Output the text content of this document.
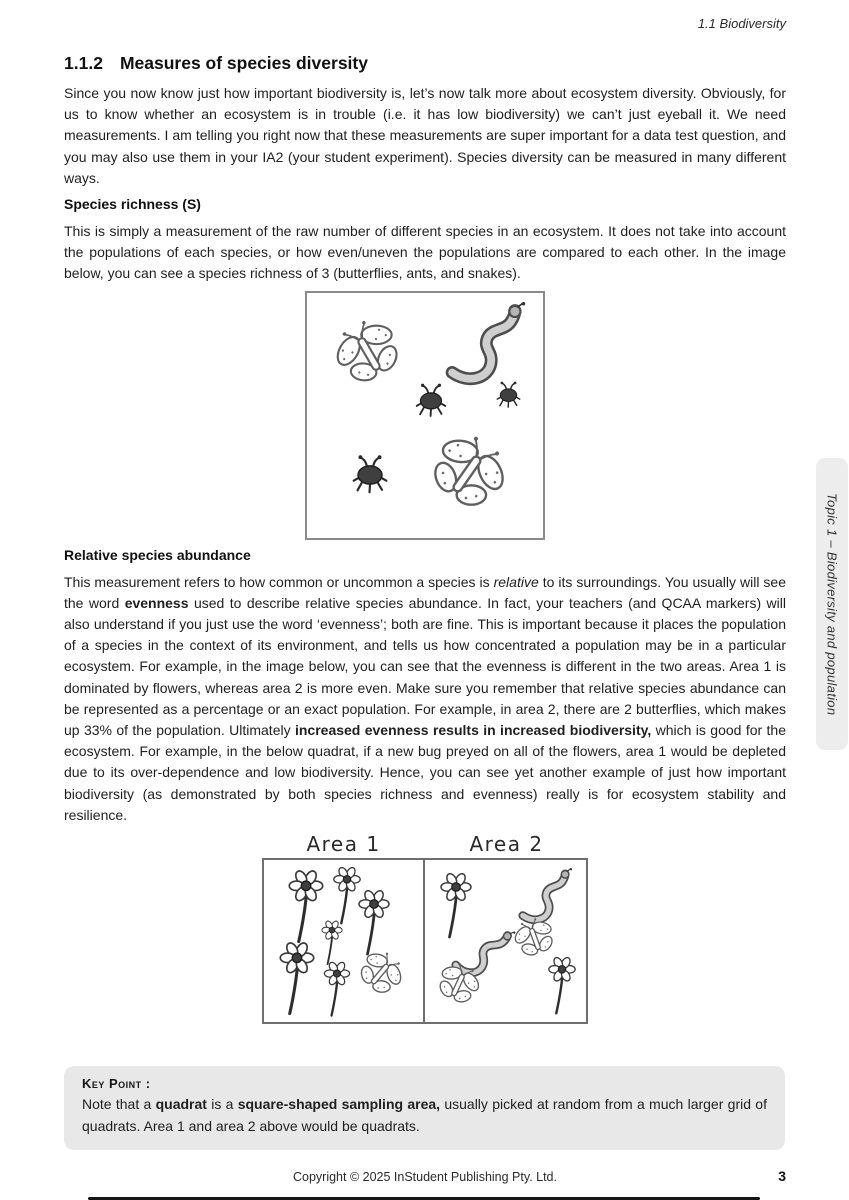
1.1 Biodiversity
1.1.2 Measures of species diversity

Since you now know just how important biodiversity is, let’s now talk more about ecosystem diversity. Obviously, for us to know whether an ecosystem is in trouble (i.e. it has low biodiversity) we can’t just eyeball it. We need measurements. I am telling you right now that these measurements are super important for a data test question, and you may also use them in your IA2 (your student experiment). Species diversity can be measured in many different ways.

Species richness (S)

This is simply a measurement of the raw number of different species in an ecosystem. It does not take into account the populations of each species, or how even/uneven the populations are compared to each other. In the image below, you can see a species richness of 3 (butterflies, ants, and snakes).

Relative species abundance

This measurement refers to how common or uncommon a species is relative to its surroundings. You usually will see the word evenness used to describe relative species abundance. In fact, your teachers (and QCAA markers) will also understand if you just use the word ‘evenness’; both are fine. This is important because it places the population of a species in the context of its environment, and tells us how concentrated a population may be in a particular ecosystem. For example, in the image below, you can see that the evenness is different in the two areas. Area 1 is dominated by flowers, whereas area 2 is more even. Make sure you remember that relative species abundance can be represented as a percentage or an exact population. For example, in area 2, there are 2 butterflies, which makes up 33% of the population. Ultimately increased evenness results in increased biodiversity, which is good for the ecosystem. For example, in the below quadrat, if a new bug preyed on all of the flowers, area 1 would be depleted due to its over-dependence and low biodiversity. Hence, you can see yet another example of just how important biodiversity (as demonstrated by both species richness and evenness) really is for ecosystem stability and resilience.

Area 1	Area 2
Key Point :
Note that a quadrat is a square-shaped sampling area, usually picked at random from a much larger grid of quadrats. Area 1 and area 2 above would be quadrats.
Topic 1 – Biodiversity and population
Copyright © 2025 InStudent Publishing Pty. Ltd.	3
